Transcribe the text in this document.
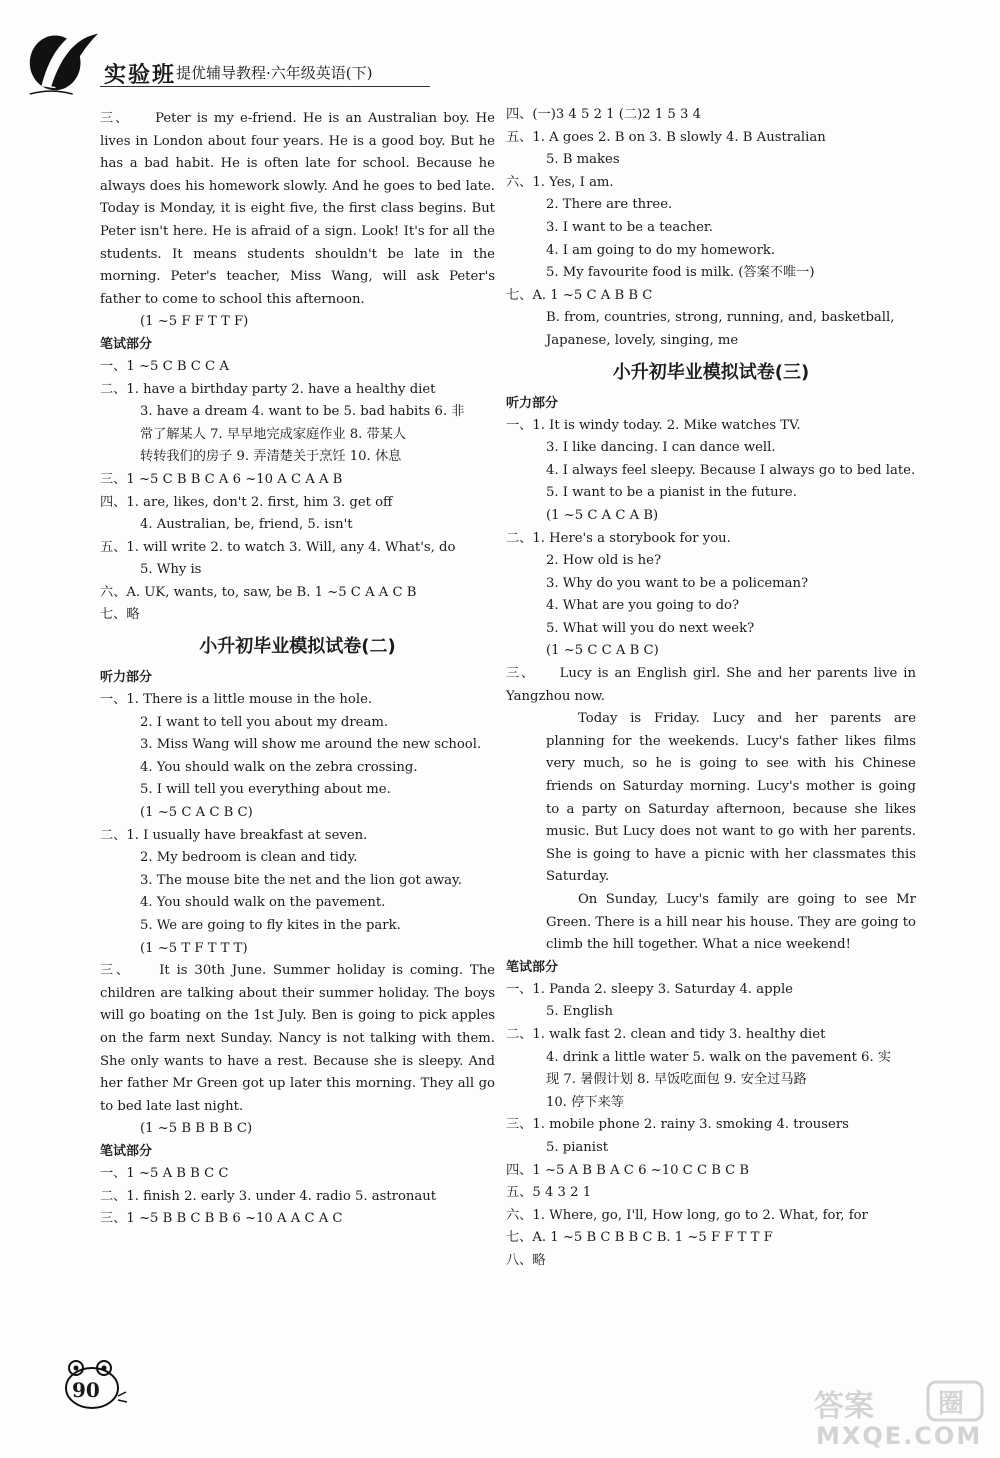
实验班 提优辅导教程·六年级英语(下)
三、 Peter is my e-friend. He is an Australian boy. He lives in London about four years. He is a good boy. But he has a bad habit. He is often late for school. Because he always does his homework slowly. And he goes to bed late. Today is Monday, it is eight five, the first class begins. But Peter isn't here. He is afraid of a sign. Look! It's for all the students. It means students shouldn't be late in the morning. Peter's teacher, Miss Wang, will ask Peter's father to come to school this afternoon.
(1 ~5 F F T T F)
笔试部分
一、1 ~5 C B C C A
二、1. have a birthday party 2. have a healthy diet
3. have a dream 4. want to be 5. bad habits 6. 非
常了解某人 7. 早早地完成家庭作业 8. 带某人
转转我们的房子 9. 弄清楚关于烹饪 10. 休息
三、1 ~5 C B B C A 6 ~10 A C A A B
四、1. are, likes, don't 2. first, him 3. get off
4. Australian, be, friend, 5. isn't
五、1. will write 2. to watch 3. Will, any 4. What's, do
5. Why is
六、A. UK, wants, to, saw, be B. 1 ~5 C A A C B
七、略
小升初毕业模拟试卷(二)
听力部分
一、1. There is a little mouse in the hole.
2. I want to tell you about my dream.
3. Miss Wang will show me around the new school.
4. You should walk on the zebra crossing.
5. I will tell you everything about me.
(1 ~5 C A C B C)
二、1. I usually have breakfast at seven.
2. My bedroom is clean and tidy.
3. The mouse bite the net and the lion got away.
4. You should walk on the pavement.
5. We are going to fly kites in the park.
(1 ~5 T F T T T)
三、 It is 30th June. Summer holiday is coming. The children are talking about their summer holiday. The boys will go boating on the 1st July. Ben is going to pick apples on the farm next Sunday. Nancy is not talking with them. She only wants to have a rest. Because she is sleepy. And her father Mr Green got up later this morning. They all go to bed late last night.
(1 ~5 B B B B C)
笔试部分
一、1 ~5 A B B C C
二、1. finish 2. early 3. under 4. radio 5. astronaut
三、1 ~5 B B C B B 6 ~10 A A C A C
四、(一)3 4 5 2 1 (二)2 1 5 3 4
五、1. A goes 2. B on 3. B slowly 4. B Australian
5. B makes
六、1. Yes, I am.
2. There are three.
3. I want to be a teacher.
4. I am going to do my homework.
5. My favourite food is milk. (答案不唯一)
七、A. 1 ~5 C A B B C
B. from, countries, strong, running, and, basketball,
Japanese, lovely, singing, me
小升初毕业模拟试卷(三)
听力部分
一、1. It is windy today. 2. Mike watches TV.
3. I like dancing. I can dance well.
4. I always feel sleepy. Because I always go to bed late.
5. I want to be a pianist in the future.
(1 ~5 C A C A B)
二、1. Here's a storybook for you.
2. How old is he?
3. Why do you want to be a policeman?
4. What are you going to do?
5. What will you do next week?
(1 ~5 C C A B C)
三、 Lucy is an English girl. She and her parents live in Yangzhou now.
Today is Friday. Lucy and her parents are planning for the weekends. Lucy's father likes films very much, so he is going to see with his Chinese friends on Saturday morning. Lucy's mother is going to a party on Saturday afternoon, because she likes music. But Lucy does not want to go with her parents. She is going to have a picnic with her classmates this Saturday.
On Sunday, Lucy's family are going to see Mr Green. There is a hill near his house. They are going to climb the hill together. What a nice weekend!
笔试部分
一、1. Panda 2. sleepy 3. Saturday 4. apple
5. English
二、1. walk fast 2. clean and tidy 3. healthy diet
4. drink a little water 5. walk on the pavement 6. 实
现 7. 暑假计划 8. 早饭吃面包 9. 安全过马路
10. 停下来等
三、1. mobile phone 2. rainy 3. smoking 4. trousers
5. pianist
四、1 ~5 A B B A C 6 ~10 C C B C B
五、5 4 3 2 1
六、1. Where, go, I'll, How long, go to 2. What, for, for
七、A. 1 ~5 B C B B C B. 1 ~5 F F T T F
八、略
90	答案 圈
MXQE.COM
